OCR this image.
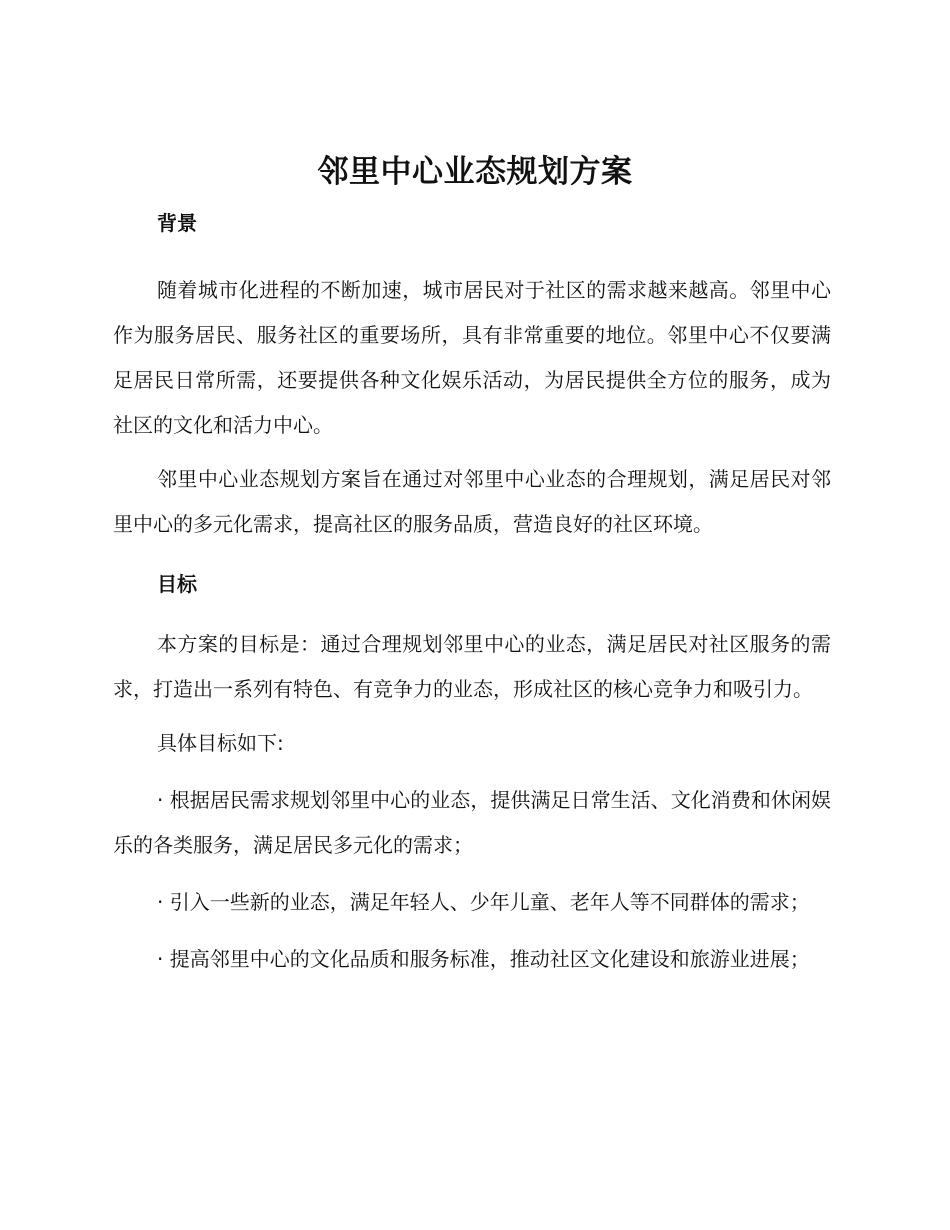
邻里中心业态规划方案
背景

随着城市化进程的不断加速，城市居民对于社区的需求越来越高。邻里中心作为服务居民、服务社区的重要场所，具有非常重要的地位。邻里中心不仅要满足居民日常所需，还要提供各种文化娱乐活动，为居民提供全方位的服务，成为社区的文化和活力中心。

邻里中心业态规划方案旨在通过对邻里中心业态的合理规划，满足居民对邻里中心的多元化需求，提高社区的服务品质，营造良好的社区环境。

目标

本方案的目标是：通过合理规划邻里中心的业态，满足居民对社区服务的需求，打造出一系列有特色、有竞争力的业态，形成社区的核心竞争力和吸引力。

具体目标如下:

· 根据居民需求规划邻里中心的业态，提供满足日常生活、文化消费和休闲娱乐的各类服务，满足居民多元化的需求；

· 引入一些新的业态，满足年轻人、少年儿童、老年人等不同群体的需求；

· 提高邻里中心的文化品质和服务标准，推动社区文化建设和旅游业进展；
